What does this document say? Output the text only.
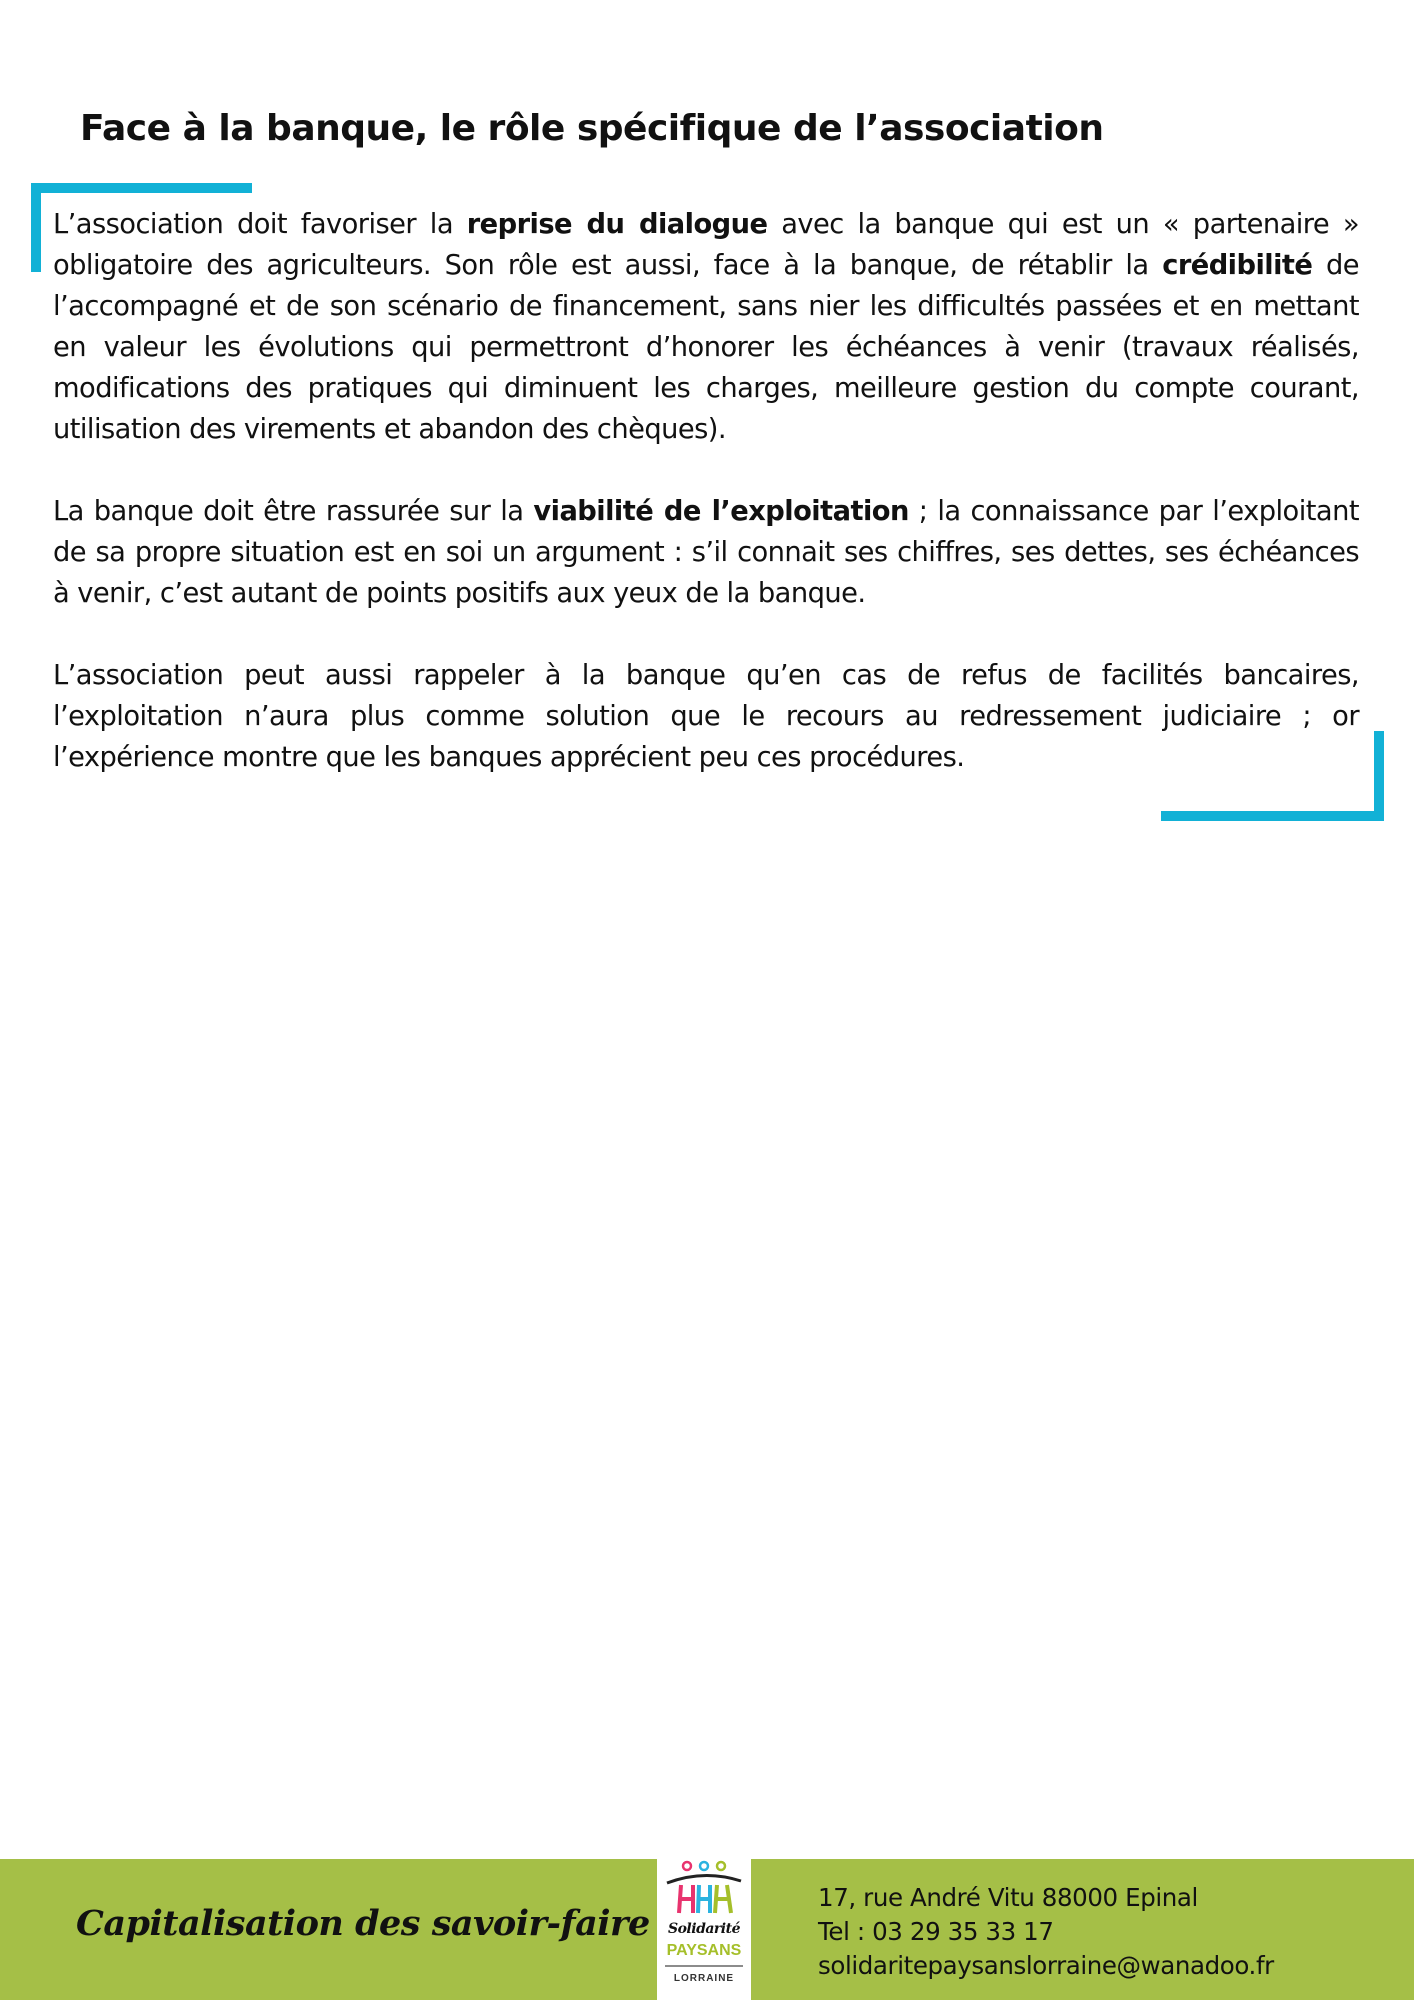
Face à la banque, le rôle spécifique de l’association

L’association doit favoriser la reprise du dialogue avec la banque qui est un « partenaire » obligatoire des agriculteurs. Son rôle est aussi, face à la banque, de rétablir la crédibilité de l’accompagné et de son scénario de financement, sans nier les difficultés passées et en mettant en valeur les évolutions qui permettront d’honorer les échéances à venir (travaux réalisés, modifications des pratiques qui diminuent les charges, meilleure gestion du compte courant, utilisation des virements et abandon des chèques).

La banque doit être rassurée sur la viabilité de l’exploitation ; la connaissance par l’exploitant de sa propre situation est en soi un argument : s’il connait ses chiffres, ses dettes, ses échéances à venir, c’est autant de points positifs aux yeux de la banque.

L’association peut aussi rappeler à la banque qu’en cas de refus de facilités bancaires, l’exploitation n’aura plus comme solution que le recours au redressement judiciaire ; or l’expérience montre que les banques apprécient peu ces procédures.

Capitalisation des savoir-faire	Solidarité
PAYSANS
LORRAINE
17, rue André Vitu 88000 Epinal
Tel : 03 29 35 33 17
solidaritepaysanslorraine@wanadoo.fr
